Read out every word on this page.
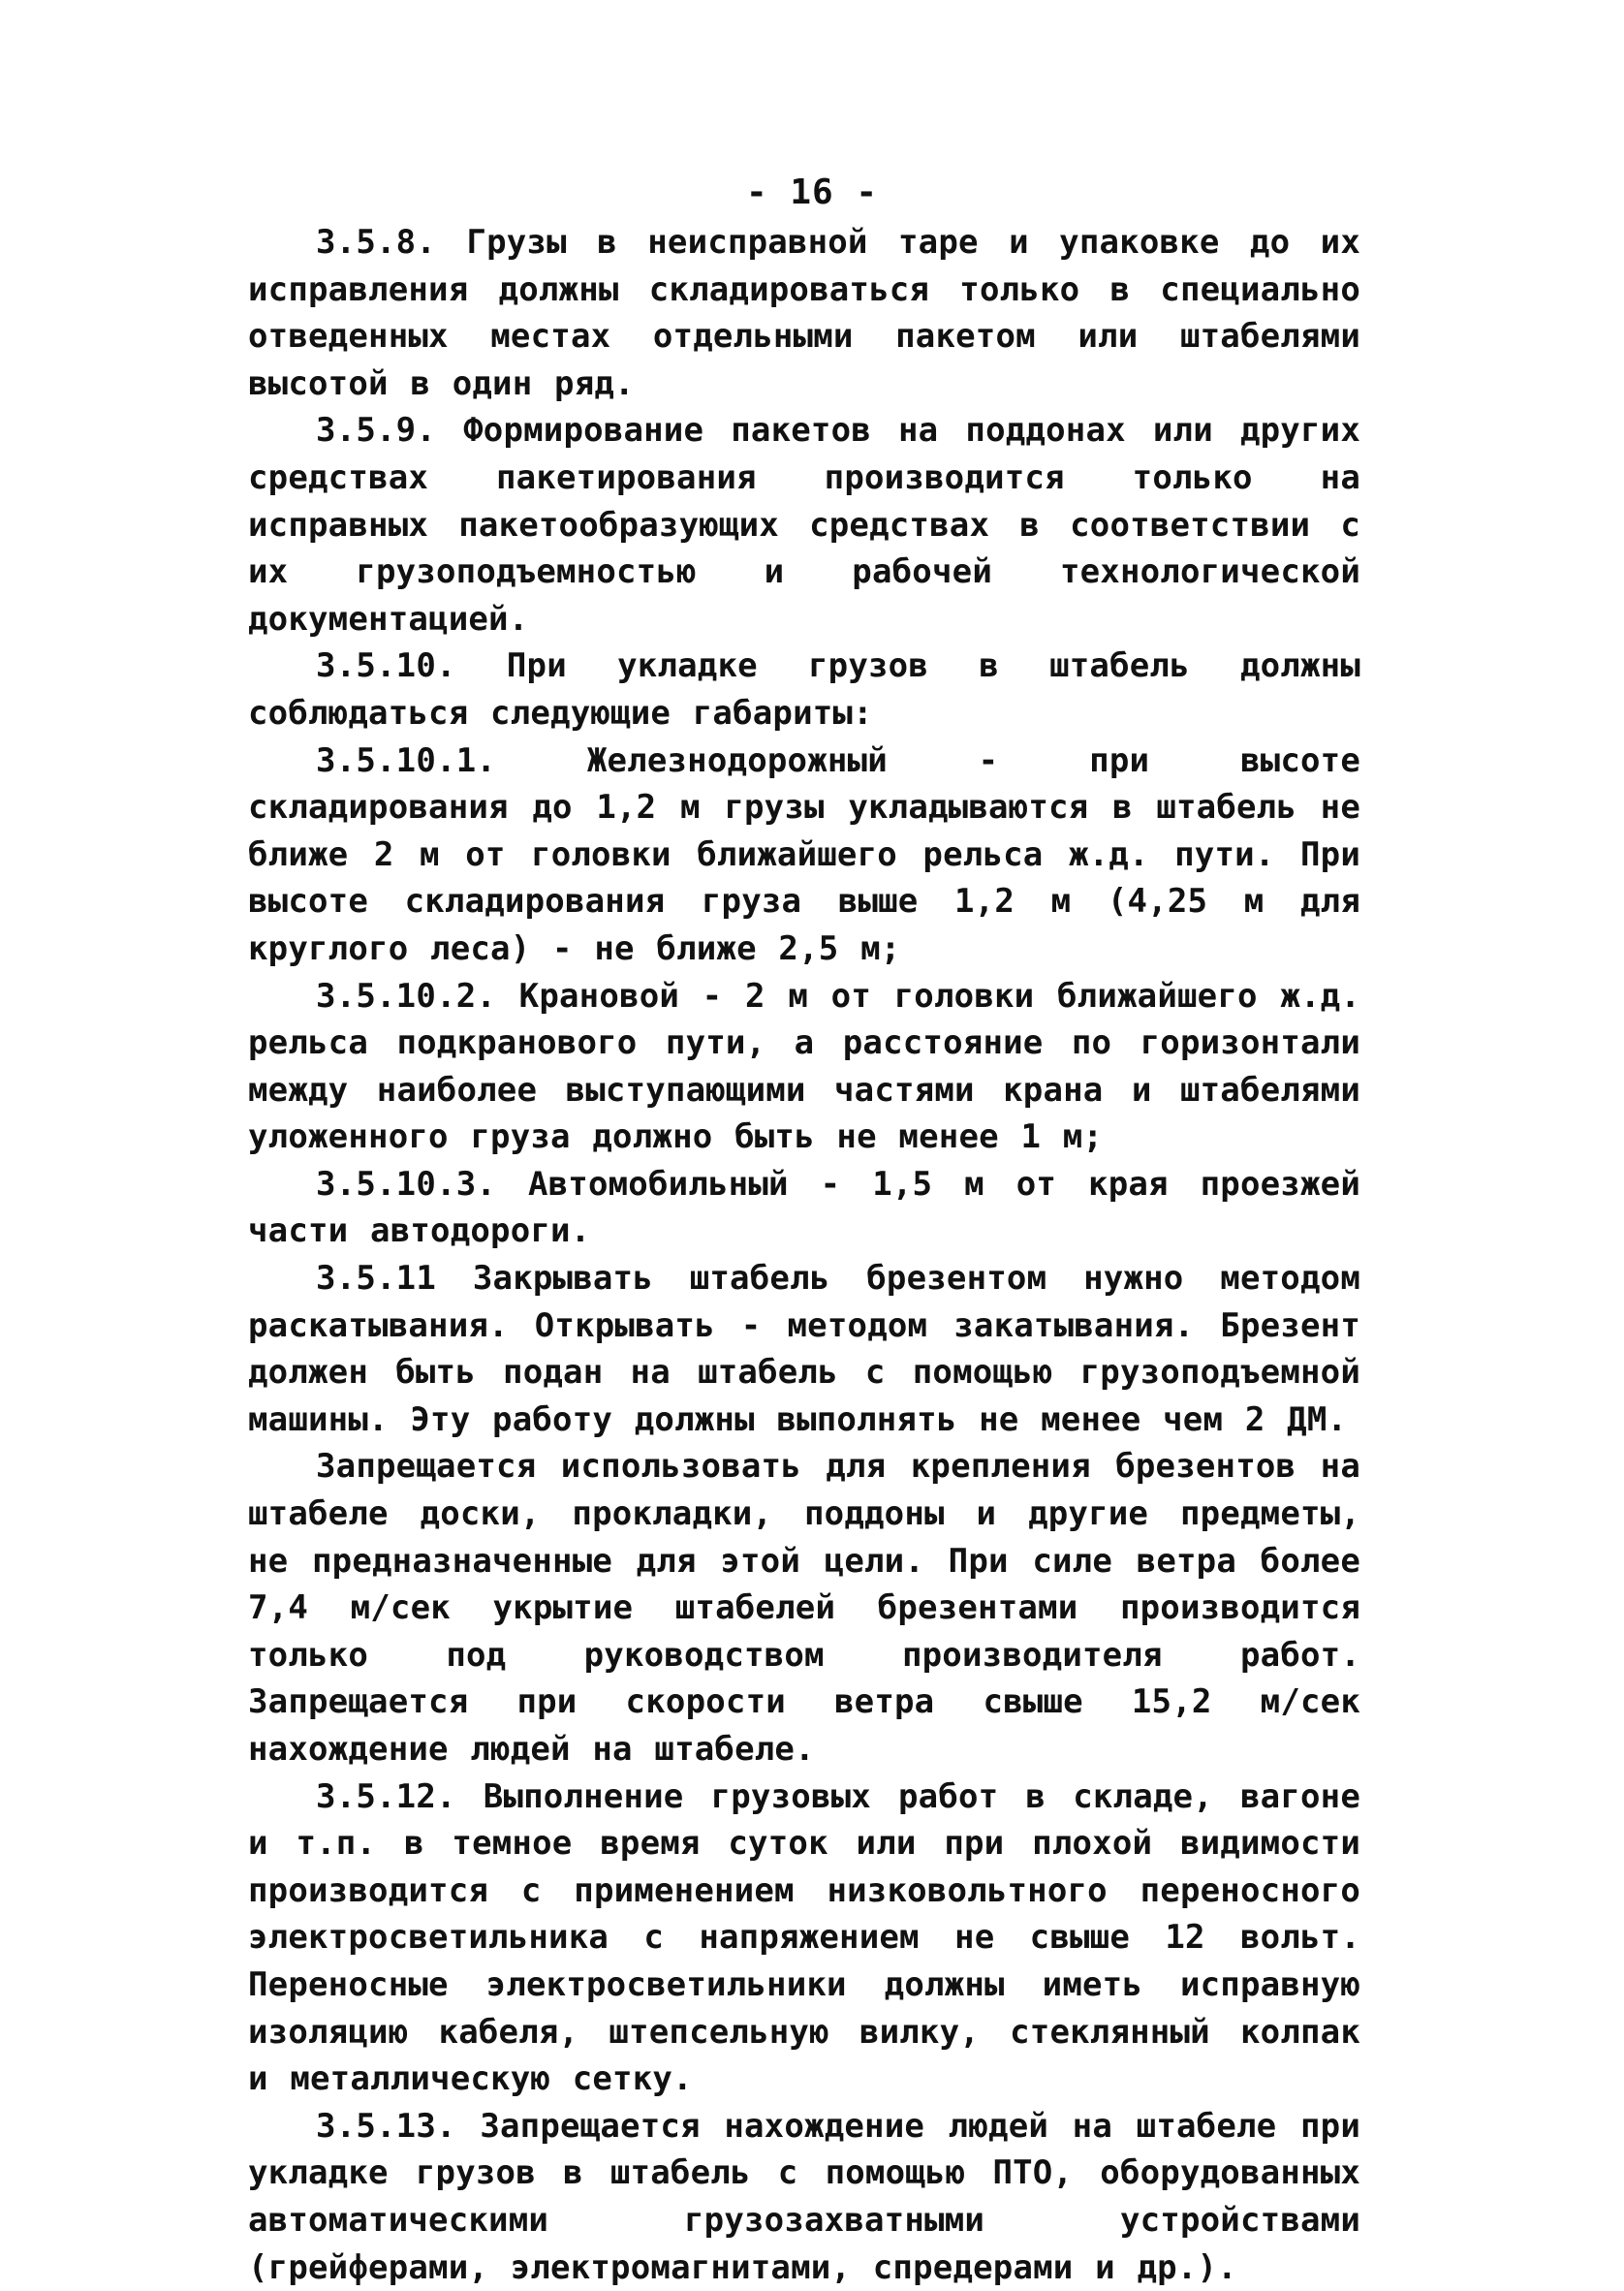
- 16 -

3.5.8. Грузы в неисправной таре и упаковке до их исправления должны складироваться только в специально отведенных местах отдельными пакетом или штабелями высотой в один ряд.

3.5.9. Формирование пакетов на поддонах или других средствах пакетирования производится только на исправных пакетообразующих средствах в соответствии с их грузоподъемностью и рабочей технологической документацией.

3.5.10. При укладке грузов в штабель должны соблюдаться следующие габариты:

3.5.10.1. Железнодорожный - при высоте складирования до 1,2 м грузы укладываются в штабель не ближе 2 м от головки ближайшего рельса ж.д. пути. При высоте складирования груза выше 1,2 м (4,25 м для круглого леса) - не ближе 2,5 м;

3.5.10.2. Крановой - 2 м от головки ближайшего ж.д. рельса подкранового пути, а расстояние по горизонтали между наиболее выступающими частями крана и штабелями уложенного груза должно быть не менее 1 м;

3.5.10.3. Автомобильный - 1,5 м от края проезжей части автодороги.

3.5.11 Закрывать штабель брезентом нужно методом раскатывания. Открывать - методом закатывания. Брезент должен быть подан на штабель с помощью грузоподъемной машины. Эту работу должны выполнять не менее чем 2 ДМ.

Запрещается использовать для крепления брезентов на штабеле доски, прокладки, поддоны и другие предметы, не предназначенные для этой цели. При силе ветра более 7,4 м/сек укрытие штабелей брезентами производится только под руководством производителя работ. Запрещается при скорости ветра свыше 15,2 м/сек нахождение людей на штабеле.

3.5.12. Выполнение грузовых работ в складе, вагоне и т.п. в темное время суток или при плохой видимости производится с применением низковольтного переносного электросветильника с напряжением не свыше 12 вольт. Переносные электросветильники должны иметь исправную изоляцию кабеля, штепсельную вилку, стеклянный колпак и металлическую сетку.

3.5.13. Запрещается нахождение людей на штабеле при укладке грузов в штабель с помощью ПТО, оборудованных автоматическими грузозахватными устройствами (грейферами, электромагнитами, спредерами и др.).
